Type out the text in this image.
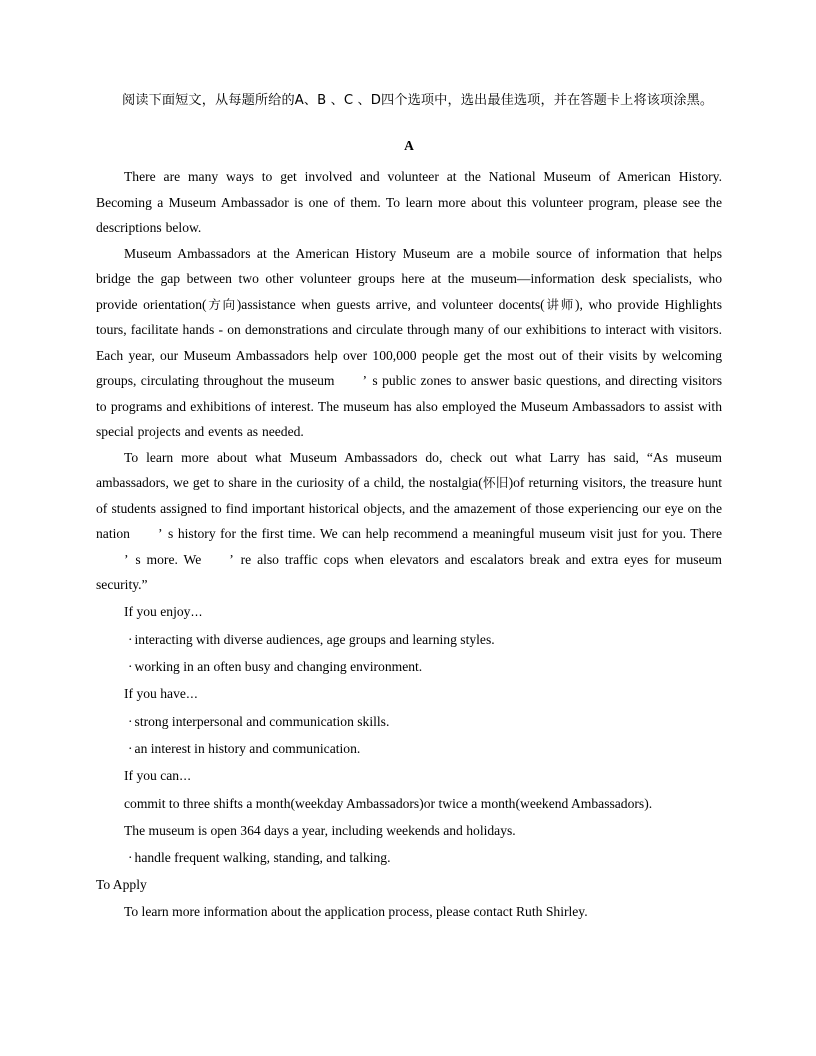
阅读下面短文，从每题所给的A、B 、C 、D四个选项中，选出最佳选项，并在答题卡上将该项涂黑。

A

There are many ways to get involved and volunteer at the National Museum of American History. Becoming a Museum Ambassador is one of them. To learn more about this volunteer program, please see the descriptions below.

Museum Ambassadors at the American History Museum are a mobile source of information that helps bridge the gap between two other volunteer groups here at the museum—information desk specialists, who provide orientation(方向)assistance when guests arrive, and volunteer docents(讲师), who provide Highlights tours, facilitate hands - on demonstrations and circulate through many of our exhibitions to interact with visitors. Each year, our Museum Ambassadors help over 100,000 people get the most out of their visits by welcoming groups, circulating throughout the museum ’ s public zones to answer basic questions, and directing visitors to programs and exhibitions of interest. The museum has also employed the Museum Ambassadors to assist with special projects and events as needed.

To learn more about what Museum Ambassadors do, check out what Larry has said, “As museum ambassadors, we get to share in the curiosity of a child, the nostalgia(怀旧)of returning visitors, the treasure hunt of students assigned to find important historical objects, and the amazement of those experiencing our eye on the nation ’ s history for the first time. We can help recommend a meaningful museum visit just for you. There’ s more. We ’ re also traffic cops when elevators and escalators break and extra eyes for museum security.”

If you enjoy…

·interacting with diverse audiences, age groups and learning styles.

·working in an often busy and changing environment.

If you have…

·strong interpersonal and communication skills.

·an interest in history and communication.

If you can…

commit to three shifts a month(weekday Ambassadors)or twice a month(weekend Ambassadors).

The museum is open 364 days a year, including weekends and holidays.

·handle frequent walking, standing, and talking.

To Apply

To learn more information about the application process, please contact Ruth Shirley.
